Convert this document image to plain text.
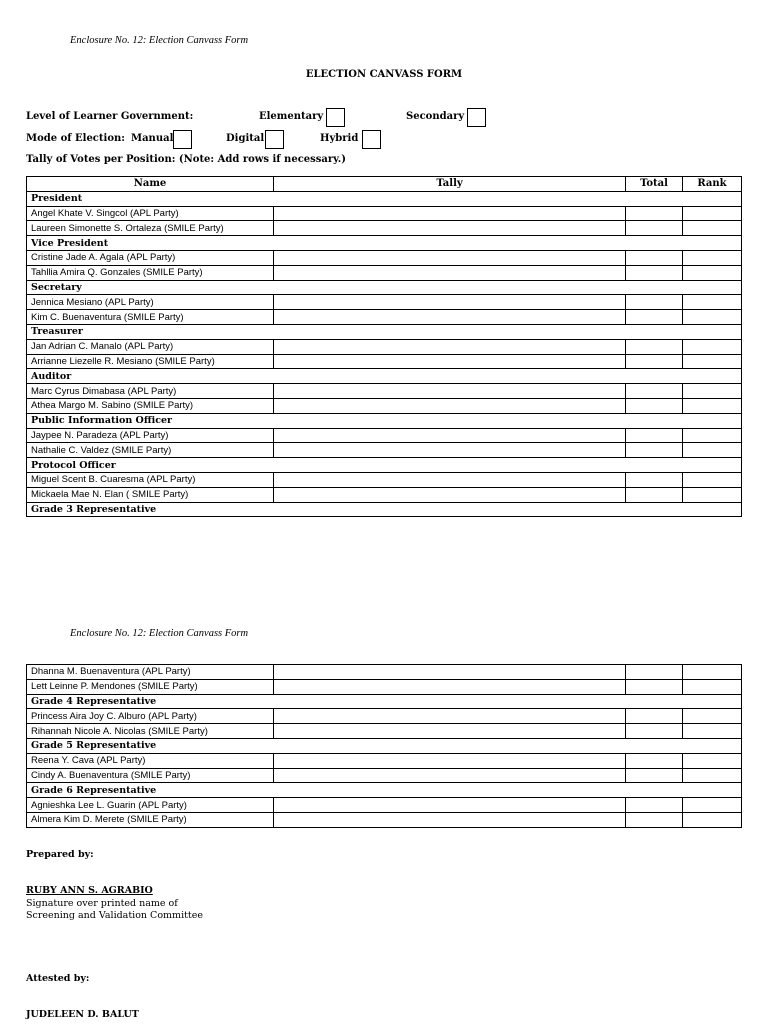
Enclosure No. 12: Election Canvass Form
ELECTION CANVASS FORM
Level of Learner Government:	Elementary	Secondary
Mode of Election: Manual	Digital	Hybrid
Tally of Votes per Position: (Note: Add rows if necessary.)
Name	Tally	Total	Rank
President			
Angel Khate V. Singcol (APL Party)			
Laureen Simonette S. Ortaleza (SMILE Party)			
Vice President			
Cristine Jade A. Agala (APL Party)			
Tahllia Amira Q. Gonzales (SMILE Party)			
Secretary			
Jennica Mesiano (APL Party)			
Kim C. Buenaventura (SMILE Party)			
Treasurer			
Jan Adrian C. Manalo (APL Party)			
Arrianne Liezelle R. Mesiano (SMILE Party)			
Auditor			
Marc Cyrus Dimabasa (APL Party)			
Athea Margo M. Sabino (SMILE Party)			
Public Information Officer			
Jaypee N. Paradeza (APL Party)			
Nathalie C. Valdez (SMILE Party)			
Protocol Officer			
Miguel Scent B. Cuaresma (APL Party)			
Mickaela Mae N. Elan ( SMILE Party)			
Grade 3 Representative			
Enclosure No. 12: Election Canvass Form
Dhanna M. Buenaventura (APL Party)			
Lett Leinne P. Mendones (SMILE Party)			
Grade 4 Representative			
Princess Aira Joy C. Alburo (APL Party)			
Rihannah Nicole A. Nicolas (SMILE Party)			
Grade 5 Representative			
Reena Y. Cava (APL Party)			
Cindy A. Buenaventura (SMILE Party)			
Grade 6 Representative			
Agnieshka Lee L. Guarin (APL Party)			
Almera Kim D. Merete (SMILE Party)			
Prepared by:
RUBY ANN S. AGRABIO
Signature over printed name of
Screening and Validation Committee
Attested by:
JUDELEEN D. BALUT
